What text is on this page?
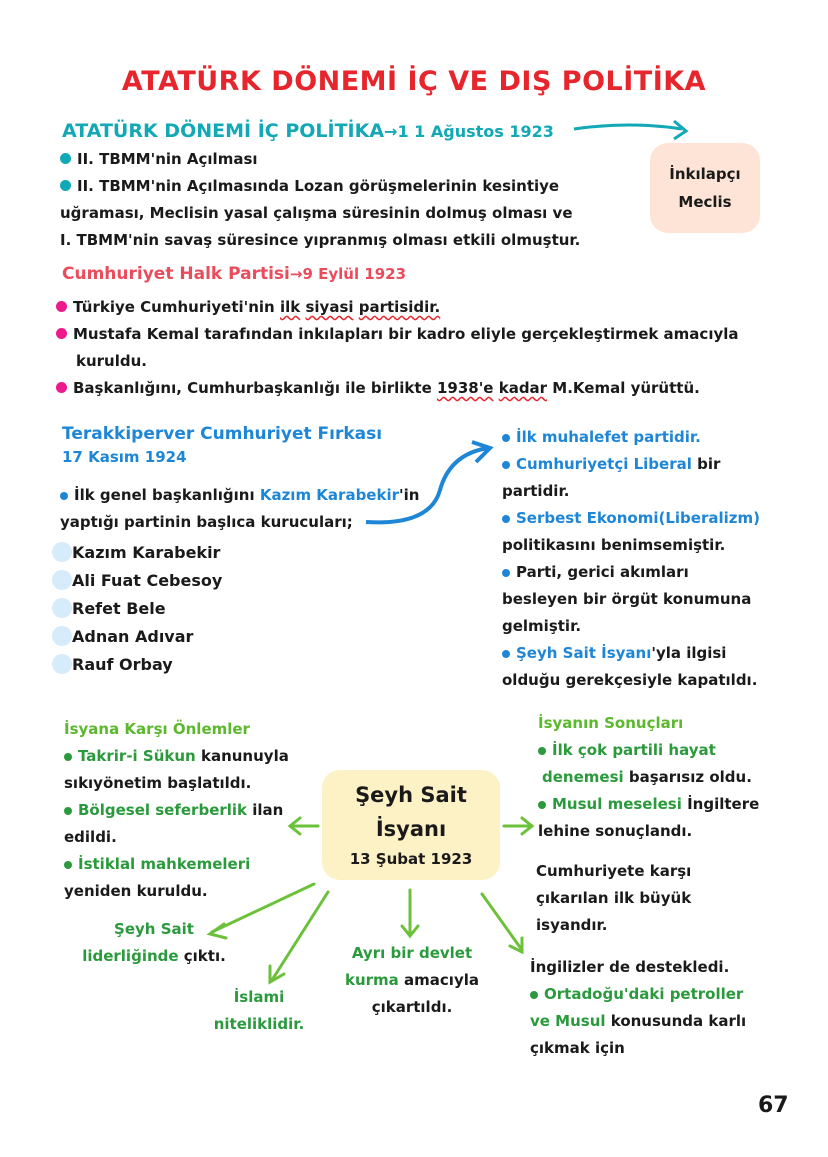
ATATÜRK DÖNEMİ İÇ VE DIŞ POLİTİKA
ATATÜRK DÖNEMİ İÇ POLİTİKA→1 1 Ağustos 1923
İnkılapçı
Meclis
II. TBMM'nin Açılması
II. TBMM'nin Açılmasında Lozan görüşmelerinin kesintiye
uğraması, Meclisin yasal çalışma süresinin dolmuş olması ve
I. TBMM'nin savaş süresince yıpranmış olması etkili olmuştur.
Cumhuriyet Halk Partisi→9 Eylül 1923
Türkiye Cumhuriyeti'nin ilk siyasi partisidir.
Mustafa Kemal tarafından inkılapları bir kadro eliyle gerçekleştirmek amacıyla
kuruldu.
Başkanlığını, Cumhurbaşkanlığı ile birlikte 1938'e kadar M.Kemal yürüttü.
Terakkiperver Cumhuriyet Fırkası
17 Kasım 1924
İlk genel başkanlığını Kazım Karabekir'in
yaptığı partinin başlıca kurucuları;
Kazım Karabekir
Ali Fuat Cebesoy
Refet Bele
Adnan Adıvar
Rauf Orbay
İlk muhalefet partidir.
Cumhuriyetçi Liberal bir
partidir.
Serbest Ekonomi(Liberalizm)
politikasını benimsemiştir.
Parti, gerici akımları
besleyen bir örgüt konumuna
gelmiştir.
Şeyh Sait İsyanı'yla ilgisi
olduğu gerekçesiyle kapatıldı.
İsyana Karşı Önlemler
Takrir-i Sükun kanunuyla
sıkıyönetim başlatıldı.
Bölgesel seferberlik ilan
edildi.
İstiklal mahkemeleri
yeniden kuruldu.
Şeyh Sait
İsyanı
13 Şubat 1923
İsyanın Sonuçları
İlk çok partili hayat
denemesi başarısız oldu.
Musul meselesi İngiltere
lehine sonuçlandı.
Cumhuriyete karşı
çıkarılan ilk büyük
isyandır.
İngilizler de destekledi.
Ortadoğu'daki petroller
ve Musul konusunda karlı
çıkmak için
Şeyh Sait
liderliğinde çıktı.
İslami
niteliklidir.
Ayrı bir devlet
kurma amacıyla
çıkartıldı.
67
